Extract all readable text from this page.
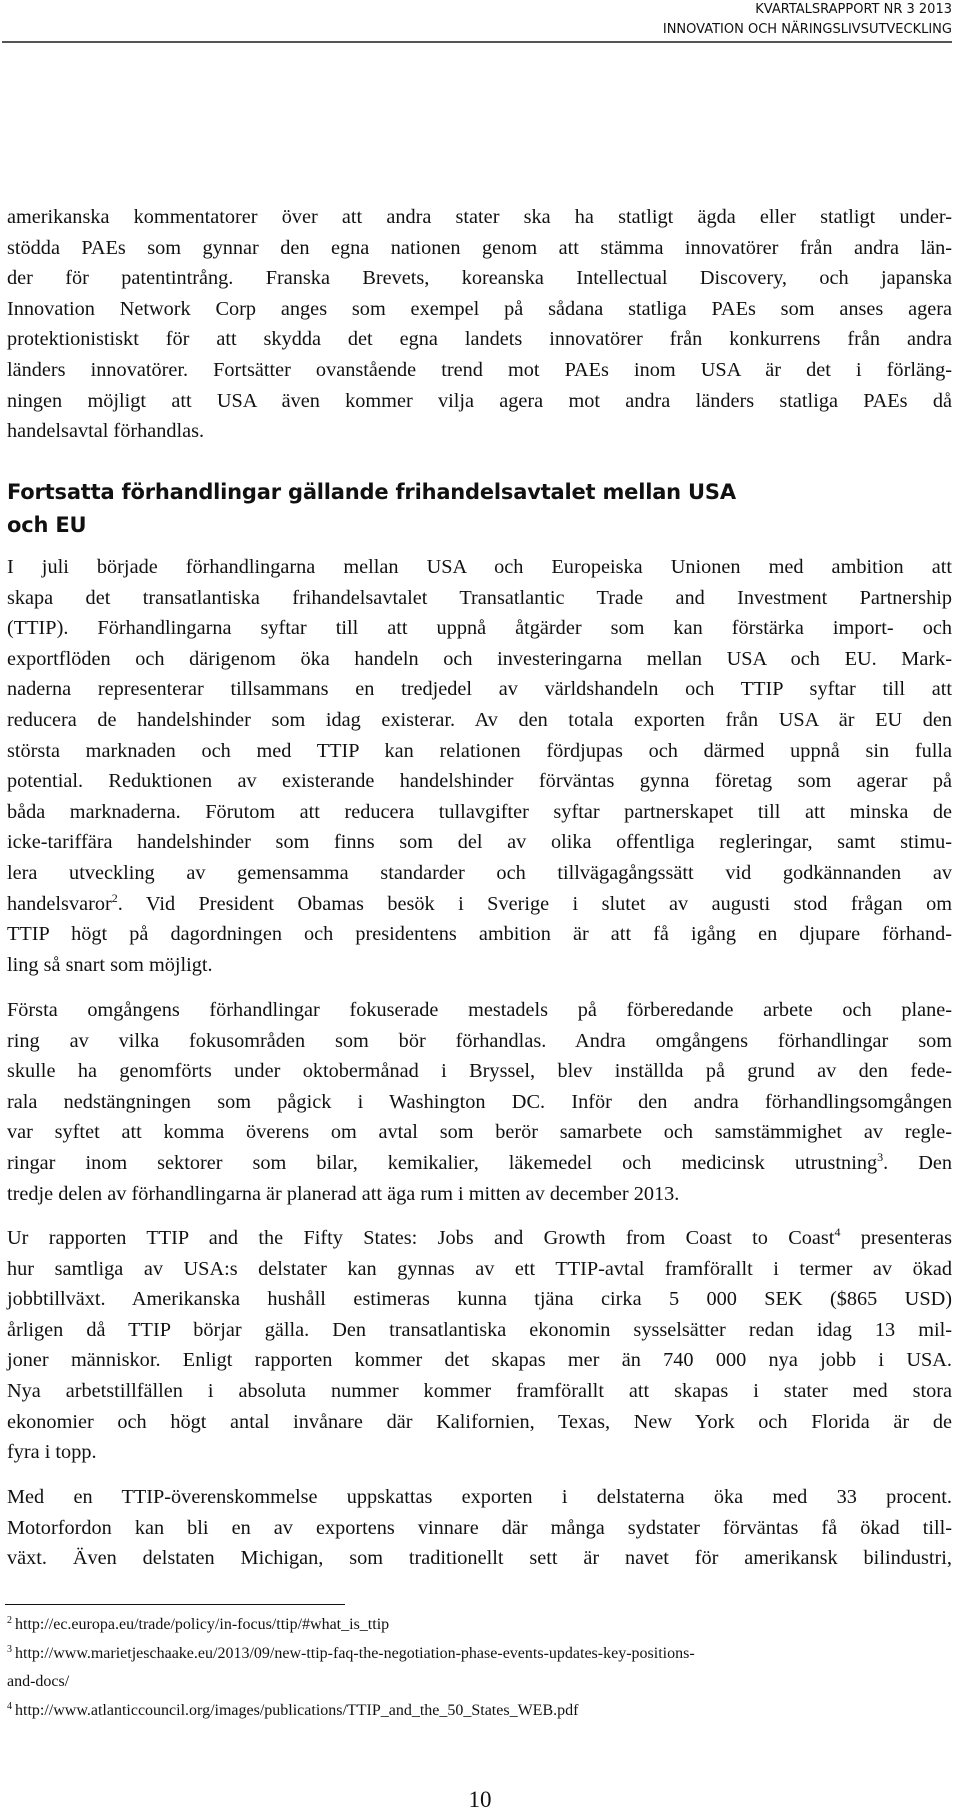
KVARTALSRAPPORT NR 3 2013
INNOVATION OCH NÄRINGSLIVSUTVECKLING
amerikanska kommentatorer över att andra stater ska ha statligt ägda eller statligt under-
stödda PAEs som gynnar den egna nationen genom att stämma innovatörer från andra län-
der för patentintrång. Franska Brevets, koreanska Intellectual Discovery, och japanska
Innovation Network Corp anges som exempel på sådana statliga PAEs som anses agera
protektionistiskt för att skydda det egna landets innovatörer från konkurrens från andra
länders innovatörer. Fortsätter ovanstående trend mot PAEs inom USA är det i förläng-
ningen möjligt att USA även kommer vilja agera mot andra länders statliga PAEs då
handelsavtal förhandlas.
Fortsatta förhandlingar gällande frihandelsavtalet mellan USA
och EU
I juli började förhandlingarna mellan USA och Europeiska Unionen med ambition att
skapa det transatlantiska frihandelsavtalet Transatlantic Trade and Investment Partnership
(TTIP). Förhandlingarna syftar till att uppnå åtgärder som kan förstärka import- och
exportflöden och därigenom öka handeln och investeringarna mellan USA och EU. Mark-
naderna representerar tillsammans en tredjedel av världshandeln och TTIP syftar till att
reducera de handelshinder som idag existerar. Av den totala exporten från USA är EU den
största marknaden och med TTIP kan relationen fördjupas och därmed uppnå sin fulla
potential. Reduktionen av existerande handelshinder förväntas gynna företag som agerar på
båda marknaderna. Förutom att reducera tullavgifter syftar partnerskapet till att minska de
icke-tariffära handelshinder som finns som del av olika offentliga regleringar, samt stimu-
lera utveckling av gemensamma standarder och tillvägagångssätt vid godkännanden av
handelsvaror$^2$. Vid President Obamas besök i Sverige i slutet av augusti stod frågan om
TTIP högt på dagordningen och presidentens ambition är att få igång en djupare förhand-
ling så snart som möjligt.
Första omgångens förhandlingar fokuserade mestadels på förberedande arbete och plane-
ring av vilka fokusområden som bör förhandlas. Andra omgångens förhandlingar som
skulle ha genomförts under oktobermånad i Bryssel, blev inställda på grund av den fede-
rala nedstängningen som pågick i Washington DC. Inför den andra förhandlingsomgången
var syftet att komma överens om avtal som berör samarbete och samstämmighet av regle-
ringar inom sektorer som bilar, kemikalier, läkemedel och medicinsk utrustning$^3$. Den
tredje delen av förhandlingarna är planerad att äga rum i mitten av december 2013.
Ur rapporten TTIP and the Fifty States: Jobs and Growth from Coast to Coast$^4$ presenteras
hur samtliga av USA:s delstater kan gynnas av ett TTIP-avtal framförallt i termer av ökad
jobbtillväxt. Amerikanska hushåll estimeras kunna tjäna cirka 5 000 SEK ($865 USD)
årligen då TTIP börjar gälla. Den transatlantiska ekonomin sysselsätter redan idag 13 mil-
joner människor. Enligt rapporten kommer det skapas mer än 740 000 nya jobb i USA.
Nya arbetstillfällen i absoluta nummer kommer framförallt att skapas i stater med stora
ekonomier och högt antal invånare där Kalifornien, Texas, New York och Florida är de
fyra i topp.
Med en TTIP-överenskommelse uppskattas exporten i delstaterna öka med 33 procent.
Motorfordon kan bli en av exportens vinnare där många sydstater förväntas få ökad till-
växt. Även delstaten Michigan, som traditionellt sett är navet för amerikansk bilindustri,
$^2$ http://ec.europa.eu/trade/policy/in-focus/ttip/#what_is_ttip
$^3$ http://www.marietjeschaake.eu/2013/09/new-ttip-faq-the-negotiation-phase-events-updates-key-positions-
and-docs/
$^4$ http://www.atlanticcouncil.org/images/publications/TTIP_and_the_50_States_WEB.pdf
10
